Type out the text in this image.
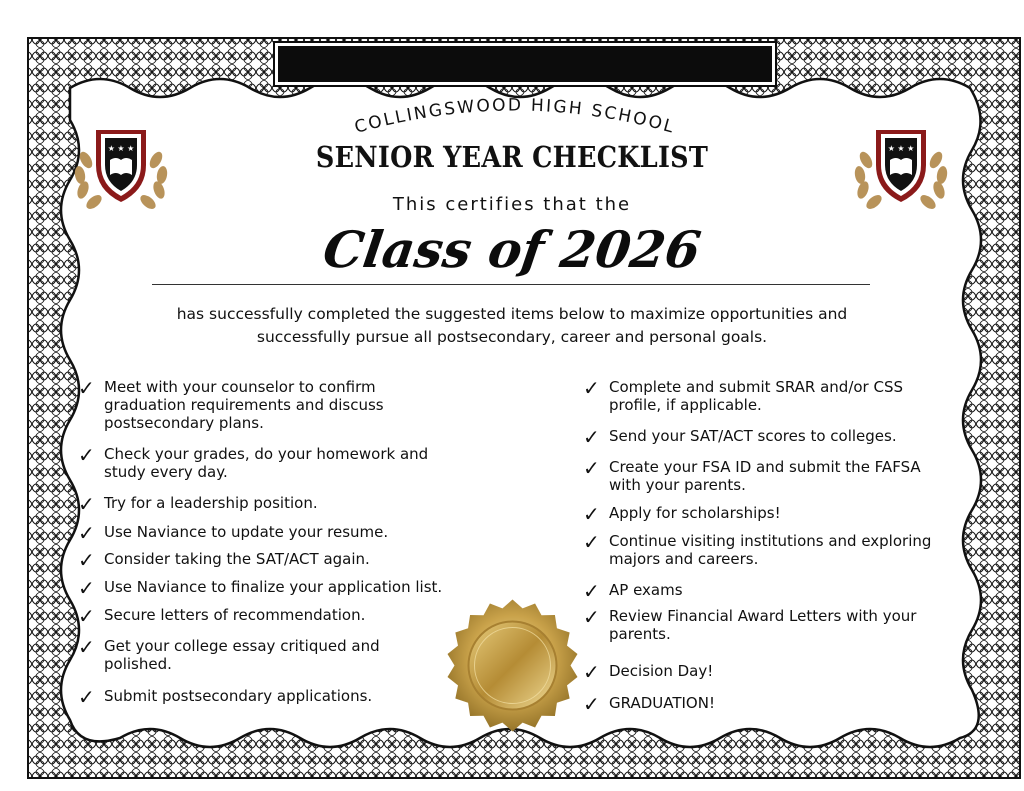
COLLINGSWOOD HIGH SCHOOL
SENIOR YEAR CHECKLIST
This certifies that the
Class of 2026
has successfully completed the suggested items below to maximize opportunities and
successfully pursue all postsecondary, career and personal goals.
★ ★ ★	★ ★ ★
✓ Meet with your counselor to confirm
graduation requirements and discuss
postsecondary plans.
✓ Check your grades, do your homework and
study every day.
✓ Try for a leadership position.
✓ Use Naviance to update your resume.
✓ Consider taking the SAT/ACT again.
✓ Use Naviance to finalize your application list.
✓ Secure letters of recommendation.
✓ Get your college essay critiqued and
polished.
✓ Submit postsecondary applications.
✓ Complete and submit SRAR and/or CSS
profile, if applicable.
✓ Send your SAT/ACT scores to colleges.
✓ Create your FSA ID and submit the FAFSA
with your parents.
✓ Apply for scholarships!
✓ Continue visiting institutions and exploring
majors and careers.
✓ AP exams
✓ Review Financial Award Letters with your
parents.
✓ Decision Day!
✓ GRADUATION!
